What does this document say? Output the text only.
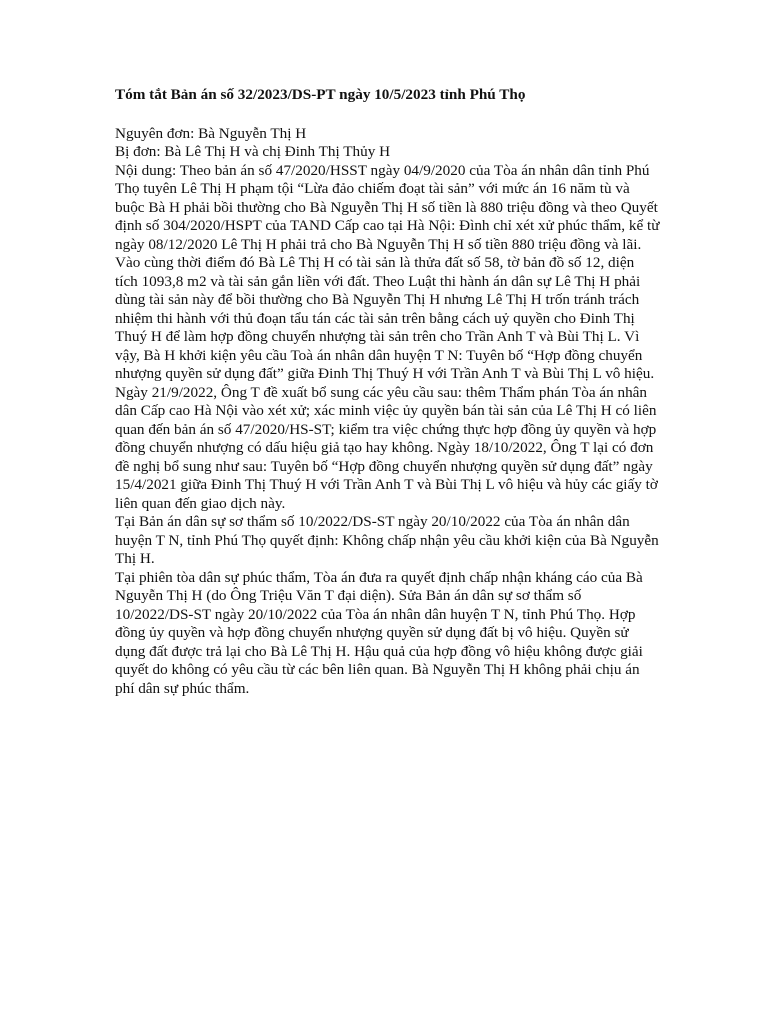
Tóm tắt Bản án số 32/2023/DS-PT ngày 10/5/2023 tỉnh Phú Thọ

Nguyên đơn: Bà Nguyễn Thị H

Bị đơn: Bà Lê Thị H và chị Đinh Thị Thủy H

Nội dung: Theo bản án số 47/2020/HSST ngày 04/9/2020 của Tòa án nhân dân tỉnh Phú Thọ tuyên Lê Thị H phạm tội “Lừa đảo chiếm đoạt tài sản” với mức án 16 năm tù và buộc Bà H phải bồi thường cho Bà Nguyễn Thị H số tiền là 880 triệu đồng và theo Quyết định số 304/2020/HSPT của TAND Cấp cao tại Hà Nội: Đình chỉ xét xử phúc thẩm, kể từ ngày 08/12/2020 Lê Thị H phải trả cho Bà Nguyễn Thị H số tiền 880 triệu đồng và lãi. Vào cùng thời điểm đó Bà Lê Thị H có tài sản là thửa đất số 58, tờ bản đồ số 12, diện tích 1093,8 m2 và tài sản gắn liền với đất. Theo Luật thi hành án dân sự Lê Thị H phải dùng tài sản này để bồi thường cho Bà Nguyễn Thị H nhưng Lê Thị H trốn tránh trách nhiệm thi hành với thủ đoạn tẩu tán các tài sản trên bằng cách uỷ quyền cho Đinh Thị Thuý H để làm hợp đồng chuyển nhượng tài sản trên cho Trần Anh T và Bùi Thị L. Vì vậy, Bà H khởi kiện yêu cầu Toà án nhân dân huyện T N: Tuyên bố “Hợp đồng chuyển nhượng quyền sử dụng đất” giữa Đinh Thị Thuý H với Trần Anh T và Bùi Thị L vô hiệu. Ngày 21/9/2022, Ông T đề xuất bổ sung các yêu cầu sau: thêm Thẩm phán Tòa án nhân dân Cấp cao Hà Nội vào xét xử; xác minh việc ủy quyền bán tài sản của Lê Thị H có liên quan đến bản án số 47/2020/HS-ST; kiểm tra việc chứng thực hợp đồng ủy quyền và hợp đồng chuyển nhượng có dấu hiệu giả tạo hay không. Ngày 18/10/2022, Ông T lại có đơn đề nghị bổ sung như sau: Tuyên bố “Hợp đồng chuyển nhượng quyền sử dụng đất” ngày 15/4/2021 giữa Đinh Thị Thuý H với Trần Anh T và Bùi Thị L vô hiệu và hủy các giấy tờ liên quan đến giao dịch này.

Tại Bản án dân sự sơ thẩm số 10/2022/DS-ST ngày 20/10/2022 của Tòa án nhân dân huyện T N, tỉnh Phú Thọ quyết định: Không chấp nhận yêu cầu khởi kiện của Bà Nguyễn Thị H.

Tại phiên tòa dân sự phúc thẩm, Tòa án đưa ra quyết định chấp nhận kháng cáo của Bà Nguyễn Thị H (do Ông Triệu Văn T đại diện). Sửa Bản án dân sự sơ thẩm số 10/2022/DS-ST ngày 20/10/2022 của Tòa án nhân dân huyện T N, tỉnh Phú Thọ. Hợp đồng ủy quyền và hợp đồng chuyển nhượng quyền sử dụng đất bị vô hiệu. Quyền sử dụng đất được trả lại cho Bà Lê Thị H. Hậu quả của hợp đồng vô hiệu không được giải quyết do không có yêu cầu từ các bên liên quan. Bà Nguyễn Thị H không phải chịu án phí dân sự phúc thẩm.
